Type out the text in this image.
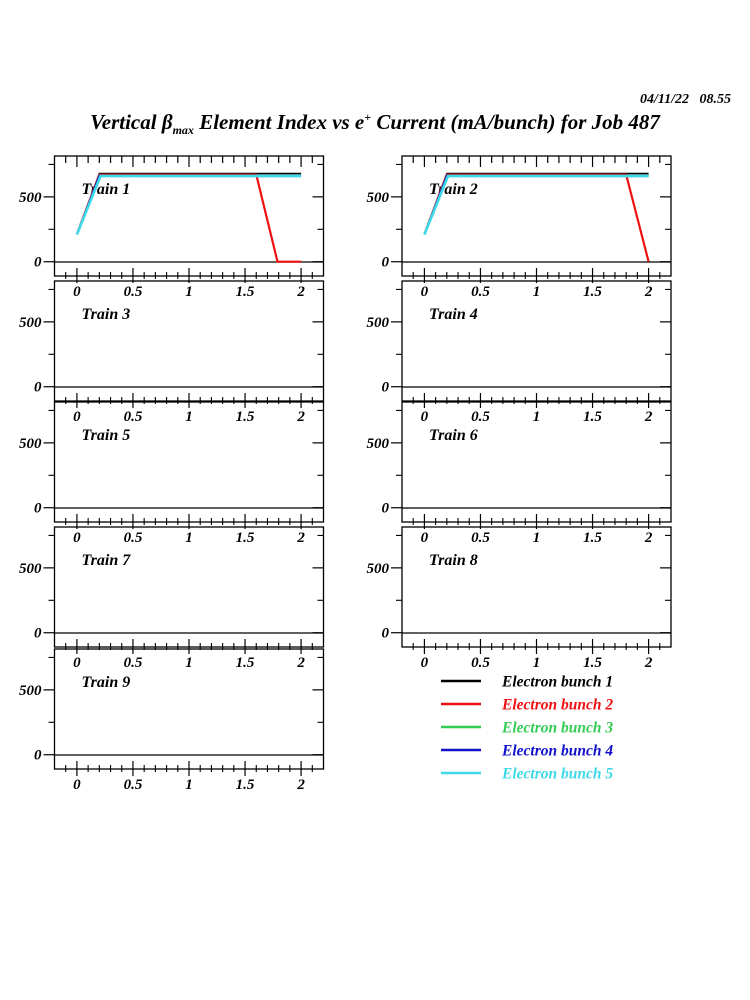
04/11/22   08.55
Vertical $\beta_{max}$ Element Index vs e+ Current (mA/bunch) for Job 487
0	0.5	1	1.5	2
0
500	Train 1
0	0.5	1	1.5	2
0
500	Train 2
0	0.5	1	1.5	2
0
500	Train 3
0	0.5	1	1.5	2
0
500	Train 4
0	0.5	1	1.5	2
0
500	Train 5
0	0.5	1	1.5	2
0
500	Train 6
0	0.5	1	1.5	2
0
500	Train 7
0	0.5	1	1.5	2
0
500	Train 8
0	0.5	1	1.5	2
0
500	Train 9	Electron bunch 1
Electron bunch 2
Electron bunch 3
Electron bunch 4
Electron bunch 5
